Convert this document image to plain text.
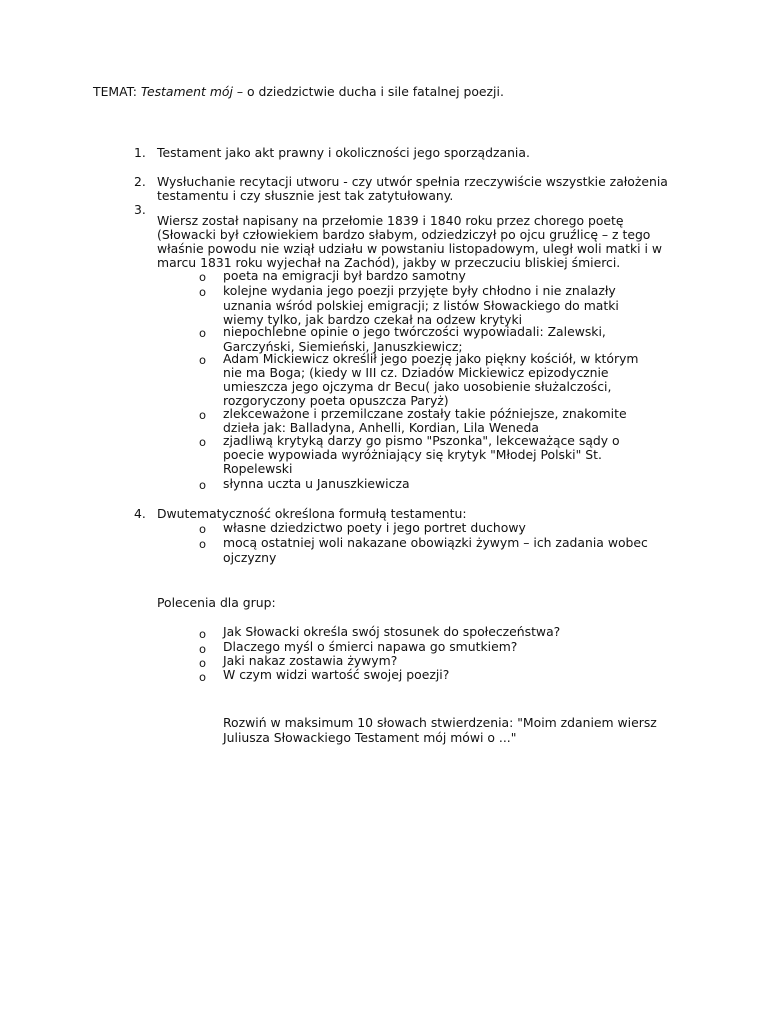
TEMAT: Testament mój – o dziedzictwie ducha i sile fatalnej poezji.
1. Testament jako akt prawny i okoliczności jego sporządzania.
2. Wysłuchanie recytacji utworu - czy utwór spełnia rzeczywiście wszystkie założenia
testamentu i czy słusznie jest tak zatytułowany.
3.
Wiersz został napisany na przełomie 1839 i 1840 roku przez chorego poetę
(Słowacki był człowiekiem bardzo słabym, odziedziczył po ojcu gruźlicę – z tego
właśnie powodu nie wziął udziału w powstaniu listopadowym, uległ woli matki i w
marcu 1831 roku wyjechał na Zachód), jakby w przeczuciu bliskiej śmierci.
o poeta na emigracji był bardzo samotny
o kolejne wydania jego poezji przyjęte były chłodno i nie znalazły
uznania wśród polskiej emigracji; z listów Słowackiego do matki
wiemy tylko, jak bardzo czekał na odzew krytyki
o niepochlebne opinie o jego twórczości wypowiadali: Zalewski,
Garczyński, Siemieński, Januszkiewicz;
o Adam Mickiewicz określił jego poezję jako piękny kościół, w którym
nie ma Boga; (kiedy w III cz. Dziadów Mickiewicz epizodycznie
umieszcza jego ojczyma dr Becu( jako uosobienie służalczości,
rozgoryczony poeta opuszcza Paryż)
o zlekceważone i przemilczane zostały takie późniejsze, znakomite
dzieła jak: Balladyna, Anhelli, Kordian, Lila Weneda
o zjadliwą krytyką darzy go pismo "Pszonka", lekceważące sądy o
poecie wypowiada wyróżniający się krytyk "Młodej Polski" St.
Ropelewski
o słynna uczta u Januszkiewicza
4. Dwutematyczność określona formułą testamentu:
o własne dziedzictwo poety i jego portret duchowy
o mocą ostatniej woli nakazane obowiązki żywym – ich zadania wobec
ojczyzny
Polecenia dla grup:
o Jak Słowacki określa swój stosunek do społeczeństwa?
o Dlaczego myśl o śmierci napawa go smutkiem?
o Jaki nakaz zostawia żywym?
o W czym widzi wartość swojej poezji?
Rozwiń w maksimum 10 słowach stwierdzenia: "Moim zdaniem wiersz
Juliusza Słowackiego Testament mój mówi o ..."
